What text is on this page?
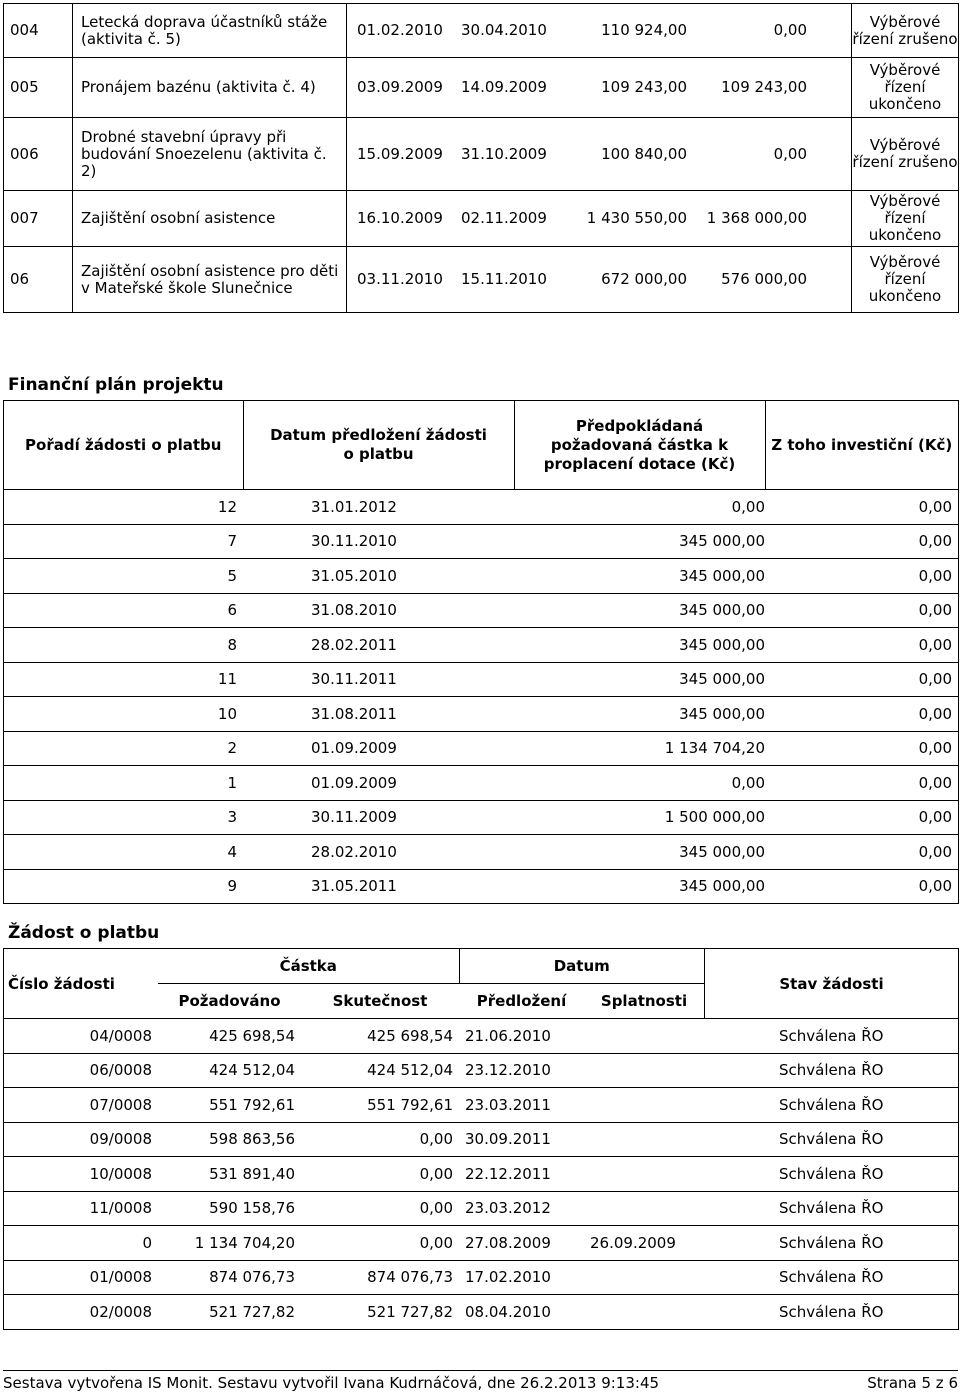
004	Letecká doprava účastníků stáže (aktivita č. 5)	01.02.2010 30.04.2010 110 924,00 0,00	Výběrové řízení zrušeno
005	Pronájem bazénu (aktivita č. 4)	03.09.2009 14.09.2009 109 243,00 109 243,00	Výběrové řízení ukončeno
006	Drobné stavební úpravy při budování Snoezelenu (aktivita č. 2)	15.09.2009 31.10.2009 100 840,00 0,00	Výběrové řízení zrušeno
007	Zajištění osobní asistence	16.10.2009 02.11.2009 1 430 550,00 1 368 000,00	Výběrové řízení ukončeno
06	Zajištění osobní asistence pro děti v Mateřské škole Slunečnice	03.11.2010 15.11.2010 672 000,00 576 000,00	Výběrové řízení ukončeno
Finanční plán projektu
Pořadí žádosti o platbu	Datum předložení žádosti o platbu	Předpokládaná požadovaná částka k proplacení dotace (Kč)	Z toho investiční (Kč)
12	31.01.2012	0,00	0,00
7	30.11.2010	345 000,00	0,00
5	31.05.2010	345 000,00	0,00
6	31.08.2010	345 000,00	0,00
8	28.02.2011	345 000,00	0,00
11	30.11.2011	345 000,00	0,00
10	31.08.2011	345 000,00	0,00
2	01.09.2009	1 134 704,20	0,00
1	01.09.2009	0,00	0,00
3	30.11.2009	1 500 000,00	0,00
4	28.02.2010	345 000,00	0,00
9	31.05.2011	345 000,00	0,00
Žádost o platbu
Číslo žádosti	Částka		Datum		Stav žádosti
	Požadováno	Skutečnost	Předložení	Splatnosti	
04/0008	425 698,54	425 698,54	21.06.2010		Schválena ŘO
06/0008	424 512,04	424 512,04	23.12.2010		Schválena ŘO
07/0008	551 792,61	551 792,61	23.03.2011		Schválena ŘO
09/0008	598 863,56	0,00	30.09.2011		Schválena ŘO
10/0008	531 891,40	0,00	22.12.2011		Schválena ŘO
11/0008	590 158,76	0,00	23.03.2012		Schválena ŘO
0	1 134 704,20	0,00	27.08.2009	26.09.2009	Schválena ŘO
01/0008	874 076,73	874 076,73	17.02.2010		Schválena ŘO
02/0008	521 727,82	521 727,82	08.04.2010		Schválena ŘO
Sestava vytvořena IS Monit. Sestavu vytvořil Ivana Kudrnáčová, dne 26.2.2013 9:13:45	Strana 5 z 6
